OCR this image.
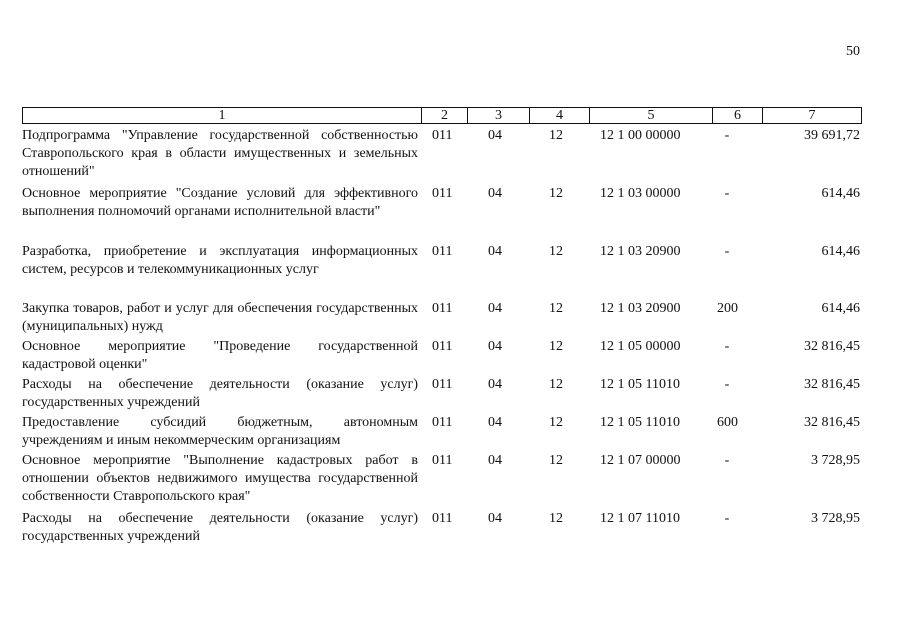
50
1	2	3	4	5	6	7
Подпрограмма "Управление государственной собственностью Ставропольского края в области имущественных и земельных отношений"
011	04	12	12 1 00 00000	-	39 691,72
Основное мероприятие "Создание условий для эффективного выполнения полномочий органами исполнительной власти"
011	04	12	12 1 03 00000	-	614,46
Разработка, приобретение и эксплуатация информационных систем, ресурсов и телекоммуникационных услуг
011	04	12	12 1 03 20900	-	614,46
Закупка товаров, работ и услуг для обеспечения государственных (муниципальных) нужд
011	04	12	12 1 03 20900	200	614,46
Основное мероприятие "Проведение государственной кадастровой оценки"
011	04	12	12 1 05 00000	-	32 816,45
Расходы на обеспечение деятельности (оказание услуг) государственных учреждений
011	04	12	12 1 05 11010	-	32 816,45
Предоставление субсидий бюджетным, автономным учреждениям и иным некоммерческим организациям
011	04	12	12 1 05 11010	600	32 816,45
Основное мероприятие "Выполнение кадастровых работ в отношении объектов недвижимого имущества государственной собственности Ставропольского края"
011	04	12	12 1 07 00000	-	3 728,95
Расходы на обеспечение деятельности (оказание услуг) государственных учреждений
011	04	12	12 1 07 11010	-	3 728,95
